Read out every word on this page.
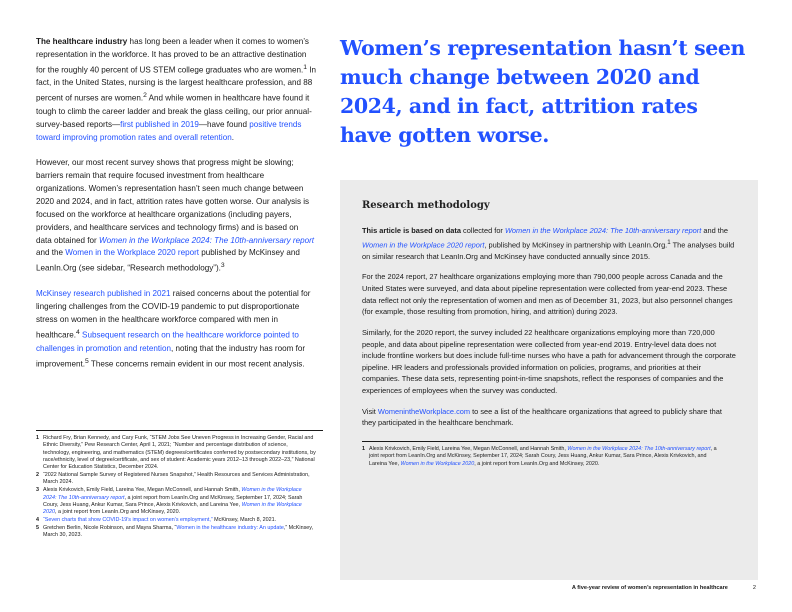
The healthcare industry has long been a leader when it comes to women’s representation in the workforce. It has proved to be an attractive destination for the roughly 40 percent of US STEM college graduates who are women.$^1$ In fact, in the United States, nursing is the largest healthcare profession, and 88 percent of nurses are women.$^2$ And while women in healthcare have found it tough to climb the career ladder and break the glass ceiling, our prior annual-survey-based reports—first published in 2019—have found positive trends toward improving promotion rates and overall retention.

However, our most recent survey shows that progress might be slowing; barriers remain that require focused investment from healthcare organizations. Women’s representation hasn’t seen much change between 2020 and 2024, and in fact, attrition rates have gotten worse. Our analysis is focused on the workforce at healthcare organizations (including payers, providers, and healthcare services and technology firms) and is based on data obtained for Women in the Workplace 2024: The 10th-anniversary report and the Women in the Workplace 2020 report published by McKinsey and LeanIn.Org (see sidebar, “Research methodology”).$^3$

McKinsey research published in 2021 raised concerns about the potential for lingering challenges from the COVID-19 pandemic to put disproportionate stress on women in the healthcare workforce compared with men in healthcare.$^4$ Subsequent research on the healthcare workforce pointed to challenges in promotion and retention, noting that the industry has room for improvement.$^5$ These concerns remain evident in our most recent analysis.

1 Richard Fry, Brian Kennedy, and Cary Funk, “STEM Jobs See Uneven Progress in Increasing Gender, Racial and Ethnic Diversity,” Pew Research Center, April 1, 2021; “Number and percentage distribution of science, technology, engineering, and mathematics (STEM) degrees/certificates conferred by postsecondary institutions, by race/ethnicity, level of degree/certificate, and sex of student: Academic years 2012–13 through 2022–23,” National Center for Education Statistics, December 2024.
2 “2022 National Sample Survey of Registered Nurses Snapshot,” Health Resources and Services Administration, March 2024.
3 Alexis Krivkovich, Emily Field, Lareina Yee, Megan McConnell, and Hannah Smith, Women in the Workplace 2024: The 10th-anniversary report, a joint report from LeanIn.Org and McKinsey, September 17, 2024; Sarah Coury, Jess Huang, Ankur Kumar, Sara Prince, Alexis Krivkovich, and Lareina Yee, Women in the Workplace 2020, a joint report from LeanIn.Org and McKinsey, 2020.
4 “Seven charts that show COVID-19’s impact on women’s employment,” McKinsey, March 8, 2021.
5 Gretchen Berlin, Nicole Robinson, and Mayra Sharma, “Women in the healthcare industry: An update,” McKinsey, March 30, 2023.
Women’s representation hasn’t seen much change between 2020 and 2024, and in fact, attrition rates have gotten worse.
Research methodology

This article is based on data collected for Women in the Workplace 2024: The 10th-anniversary report and the Women in the Workplace 2020 report, published by McKinsey in partnership with LeanIn.Org.$^1$ The analyses build on similar research that LeanIn.Org and McKinsey have conducted annually since 2015.

For the 2024 report, 27 healthcare organizations employing more than 790,000 people across Canada and the United States were surveyed, and data about pipeline representation were collected from year-end 2023. These data reflect not only the representation of women and men as of December 31, 2023, but also personnel changes (for example, those resulting from promotion, hiring, and attrition) during 2023.

Similarly, for the 2020 report, the survey included 22 healthcare organizations employing more than 720,000 people, and data about pipeline representation were collected from year-end 2019. Entry-level data does not include frontline workers but does include full-time nurses who have a path for advancement through the corporate pipeline. HR leaders and professionals provided information on policies, programs, and priorities at their companies. These data sets, representing point-in-time snapshots, reflect the responses of companies and the experiences of employees when the survey was conducted.

Visit WomenintheWorkplace.com to see a list of the healthcare organizations that agreed to publicly share that they participated in the healthcare benchmark.

1 Alexis Krivkovich, Emily Field, Lareina Yee, Megan McConnell, and Hannah Smith, Women in the Workplace 2024: The 10th-anniversary report, a joint report from LeanIn.Org and McKinsey, September 17, 2024; Sarah Coury, Jess Huang, Ankur Kumar, Sara Prince, Alexis Krivkovich, and Lareina Yee, Women in the Workplace 2020, a joint report from LeanIn.Org and McKinsey, 2020.
A five-year review of women’s representation in healthcare	2
